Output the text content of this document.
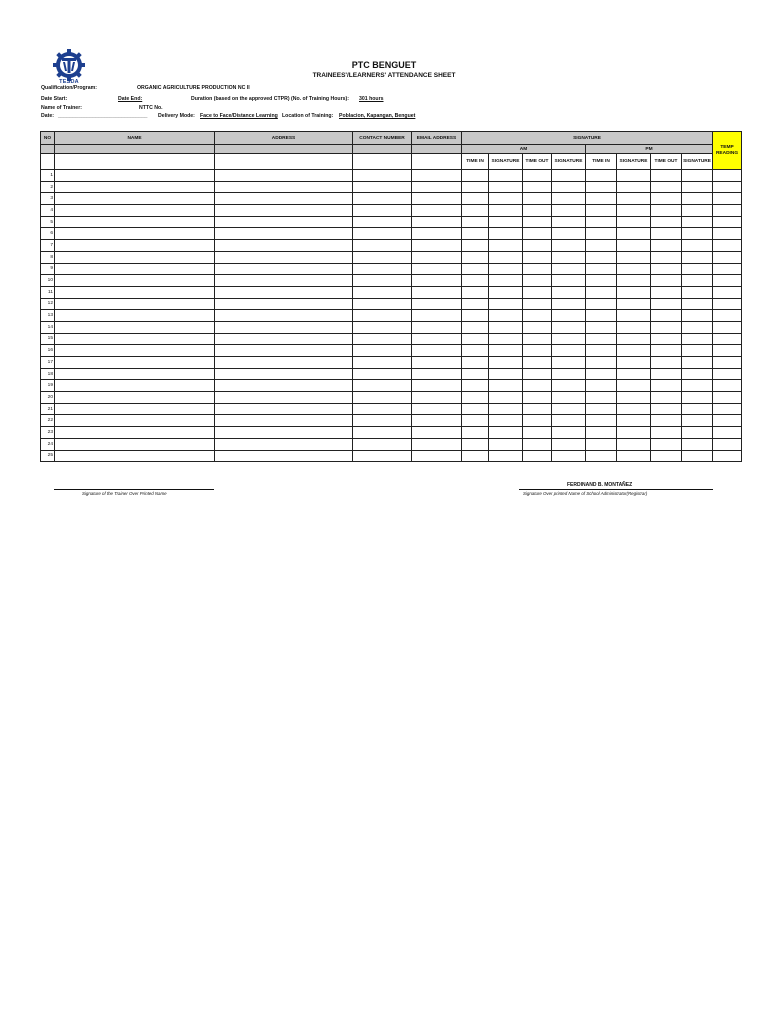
TESDA
PTC BENGUET
TRAINEES'/LEARNERS' ATTENDANCE SHEET
Qualification/Program:	ORGANIC AGRICULTURE PRODUCTION NC II
Date Start:	Date End:	Duration (based on the approved CTPR) (No. of Training Hours): 301 hours
Name of Trainer:	NTTC No.
Date: _______________________________ Delivery Mode: Face to Face/Distance Learning Location of Training: Poblacion, Kapangan, Benguet
NO	NAME	ADDRESS	CONTACT NUMBER	EMAIL ADDRESS	SIGNATURE								TEMP READING
					AM				PM				
					TIME IN	SIGNATURE	TIME OUT	SIGNATURE	TIME IN	SIGNATURE	TIME OUT	SIGNATURE	
1													
2													
3													
4													
5													
6													
7													
8													
9													
10													
11													
12													
13													
14													
15													
16													
17													
18													
19													
20													
21													
22													
23													
24													
25													
Signature of the Trainer Over Printed Name
FERDINAND B. MONTAÑEZ
Signature Over printed Name of School Administrator(Registrar)
